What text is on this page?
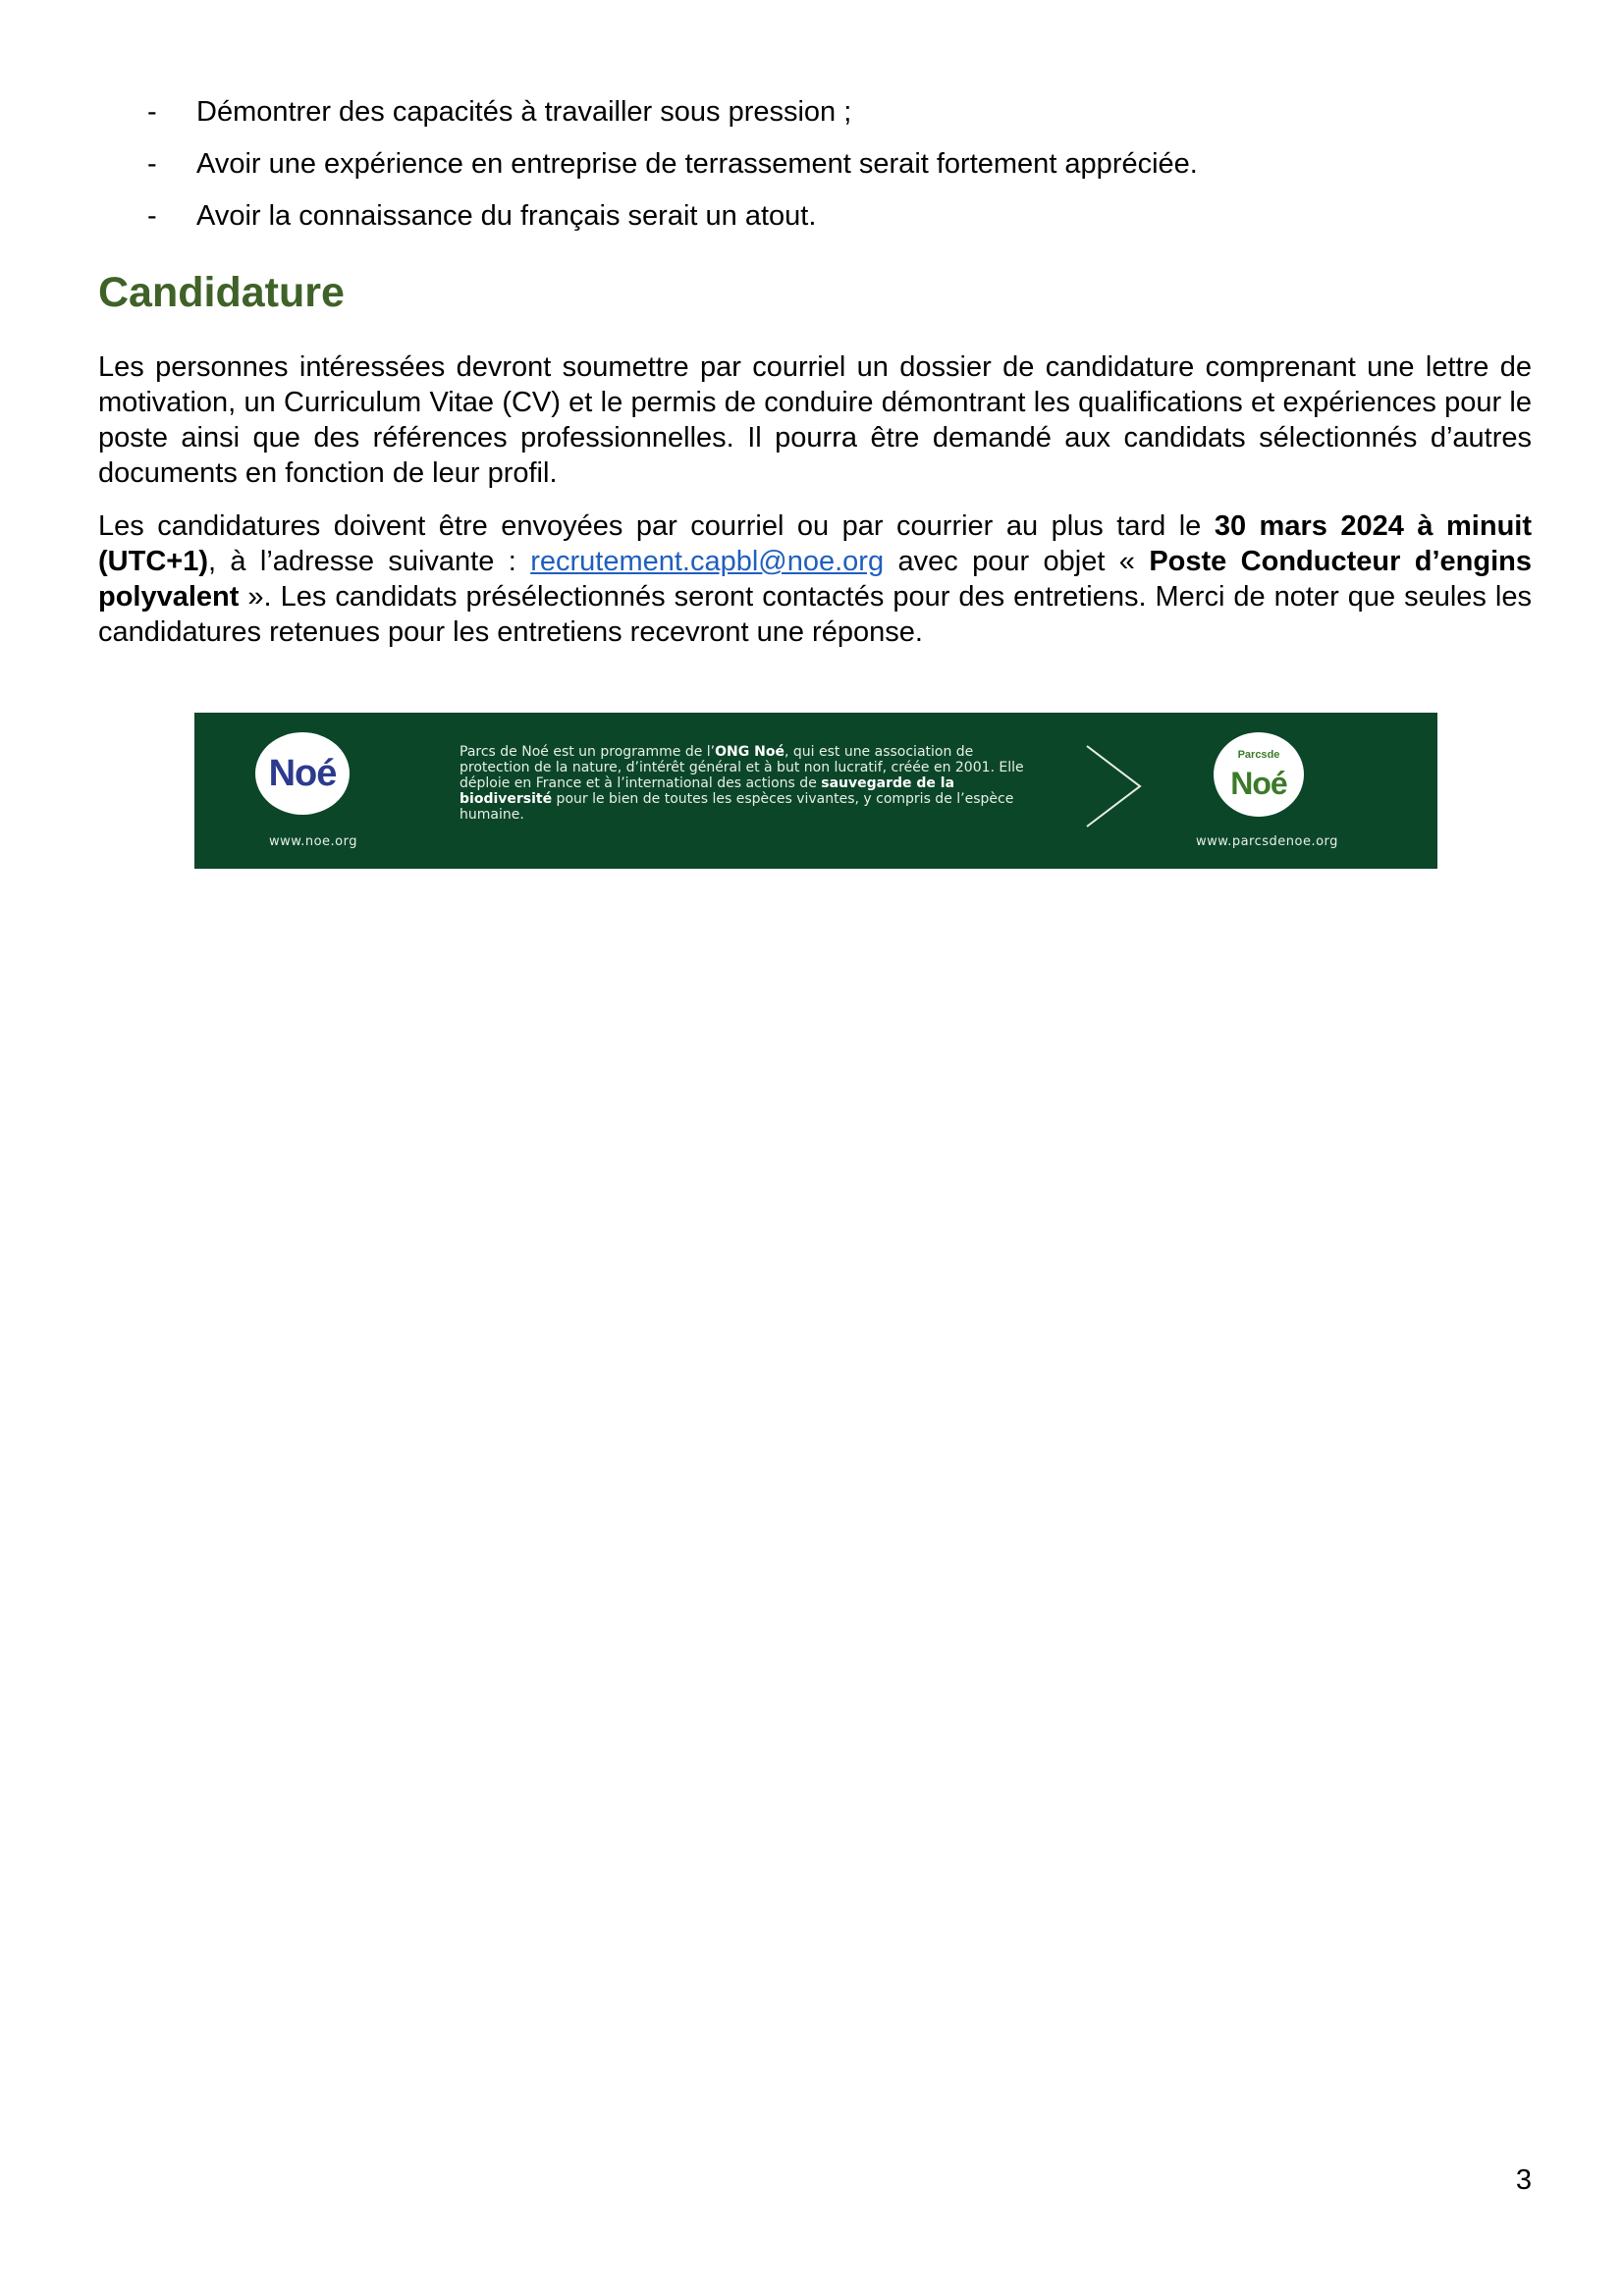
- Démontrer des capacités à travailler sous pression ;
- Avoir une expérience en entreprise de terrassement serait fortement appréciée.
- Avoir la connaissance du français serait un atout.
Candidature

Les personnes intéressées devront soumettre par courriel un dossier de candidature comprenant une lettre de motivation, un Curriculum Vitae (CV) et le permis de conduire démontrant les qualifications et expériences pour le poste ainsi que des références professionnelles. Il pourra être demandé aux candidats sélectionnés d’autres documents en fonction de leur profil.

Les candidatures doivent être envoyées par courriel ou par courrier au plus tard le 30 mars 2024 à minuit (UTC+1), à l’adresse suivante : recrutement.capbl@noe.org avec pour objet « Poste Conducteur d’engins polyvalent ». Les candidats présélectionnés seront contactés pour des entretiens. Merci de noter que seules les candidatures retenues pour les entretiens recevront une réponse.

Noé
www.noe.org
Parcs de Noé est un programme de l’ONG Noé, qui est une association de protection de la nature, d’intérêt général et à but non lucratif, créée en 2001. Elle déploie en France et à l’international des actions de sauvegarde de la biodiversité pour le bien de toutes les espèces vivantes, y compris de l’espèce humaine.
$^{Parcsde}$
Noé
www.parcsdenoe.org
3
